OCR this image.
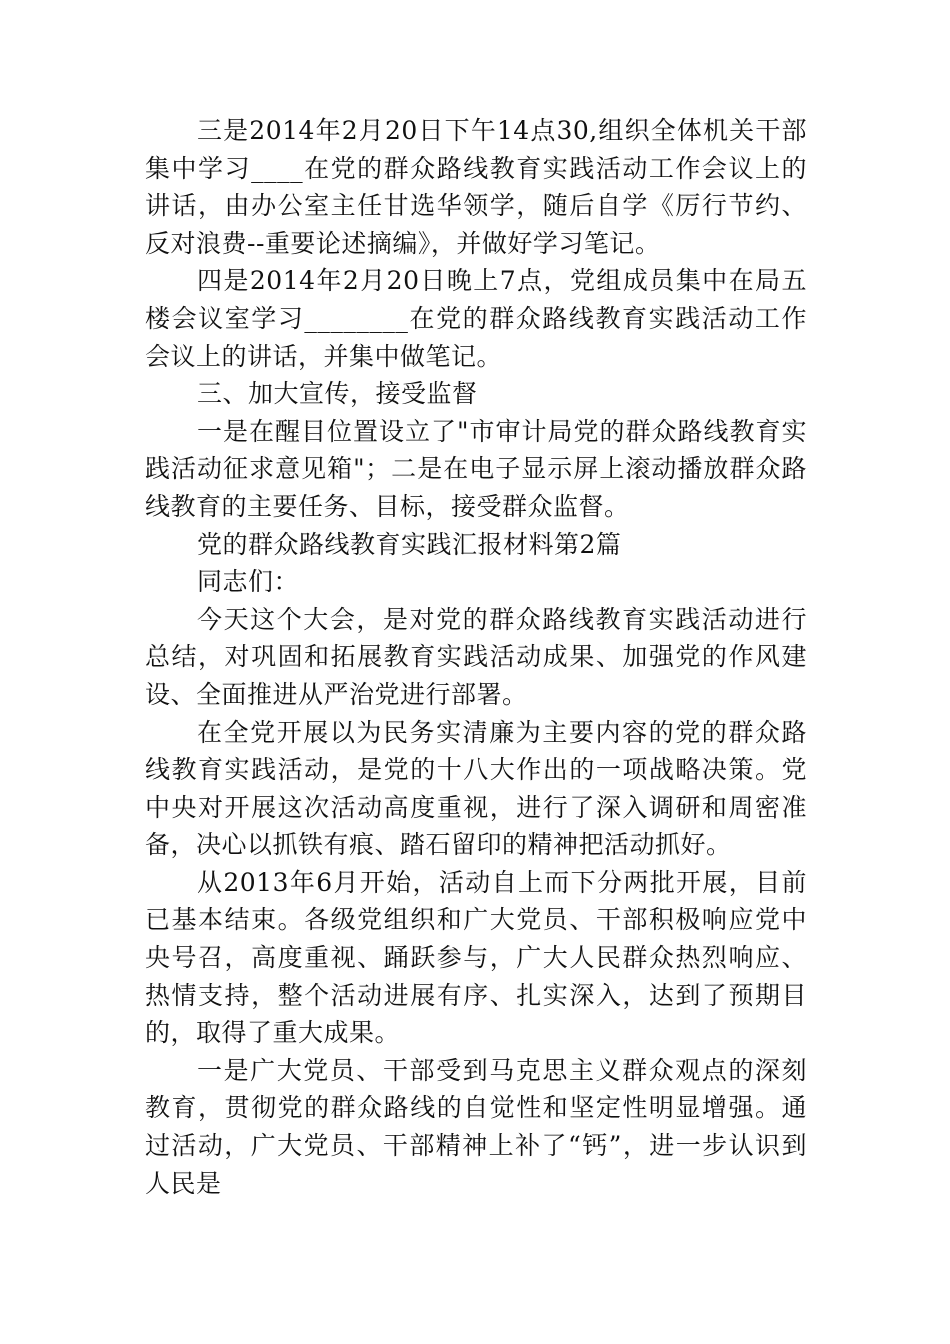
三是2014年2月20日下午14点30,组织全体机关干部集中学习____在党的群众路线教育实践活动工作会议上的讲话，由办公室主任甘选华领学，随后自学《厉行节约、反对浪费--重要论述摘编》，并做好学习笔记。

四是2014年2月20日晚上7点，党组成员集中在局五楼会议室学习________在党的群众路线教育实践活动工作会议上的讲话，并集中做笔记。

三、加大宣传，接受监督

一是在醒目位置设立了"市审计局党的群众路线教育实践活动征求意见箱"；二是在电子显示屏上滚动播放群众路线教育的主要任务、目标，接受群众监督。

党的群众路线教育实践汇报材料第2篇

同志们：

今天这个大会，是对党的群众路线教育实践活动进行总结，对巩固和拓展教育实践活动成果、加强党的作风建设、全面推进从严治党进行部署。

在全党开展以为民务实清廉为主要内容的党的群众路线教育实践活动，是党的十八大作出的一项战略决策。党中央对开展这次活动高度重视，进行了深入调研和周密准备，决心以抓铁有痕、踏石留印的精神把活动抓好。

从2013年6月开始，活动自上而下分两批开展，目前已基本结束。各级党组织和广大党员、干部积极响应党中央号召，高度重视、踊跃参与，广大人民群众热烈响应、热情支持，整个活动进展有序、扎实深入，达到了预期目的，取得了重大成果。

一是广大党员、干部受到马克思主义群众观点的深刻教育，贯彻党的群众路线的自觉性和坚定性明显增强。通过活动，广大党员、干部精神上补了“钙”，进一步认识到人民是
